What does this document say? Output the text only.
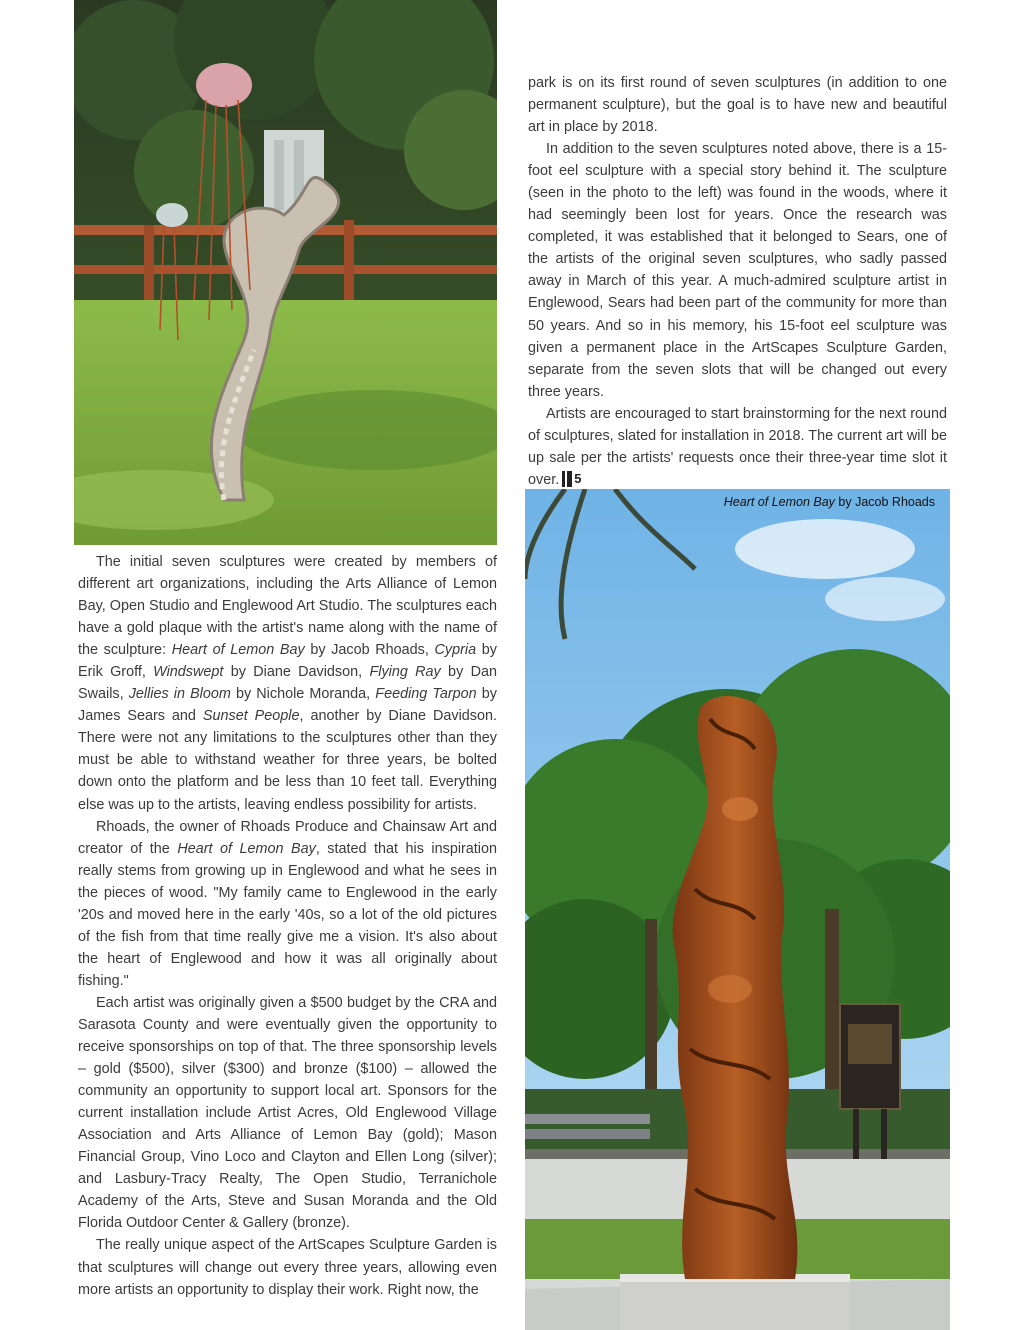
park is on its first round of seven sculptures (in addition to one permanent sculpture), but the goal is to have new and beautiful art in place by 2018.

In addition to the seven sculptures noted above, there is a 15-foot eel sculpture with a special story behind it. The sculpture (seen in the photo to the left) was found in the woods, where it had seemingly been lost for years. Once the research was completed, it was established that it belonged to Sears, one of the artists of the original seven sculptures, who sadly passed away in March of this year. A much-admired sculpture artist in Englewood, Sears had been part of the community for more than 50 years. And so in his memory, his 15-foot eel sculpture was given a permanent place in the ArtScapes Sculpture Garden, separate from the seven slots that will be changed out every three years.

Artists are encouraged to start brainstorming for the next round of sculptures, slated for installation in 2018. The current art will be up sale per the artists' requests once their three-year time slot it over. 5

Heart of Lemon Bay by Jacob Rhoads

The initial seven sculptures were created by members of different art organizations, including the Arts Alliance of Lemon Bay, Open Studio and Englewood Art Studio. The sculptures each have a gold plaque with the artist's name along with the name of the sculpture: Heart of Lemon Bay by Jacob Rhoads, Cypria by Erik Groff, Windswept by Diane Davidson, Flying Ray by Dan Swails, Jellies in Bloom by Nichole Moranda, Feeding Tarpon by James Sears and Sunset People, another by Diane Davidson. There were not any limitations to the sculptures other than they must be able to withstand weather for three years, be bolted down onto the platform and be less than 10 feet tall. Everything else was up to the artists, leaving endless possibility for artists.

Rhoads, the owner of Rhoads Produce and Chainsaw Art and creator of the Heart of Lemon Bay, stated that his inspiration really stems from growing up in Englewood and what he sees in the pieces of wood. "My family came to Englewood in the early '20s and moved here in the early '40s, so a lot of the old pictures of the fish from that time really give me a vision. It's also about the heart of Englewood and how it was all originally about fishing."

Each artist was originally given a $500 budget by the CRA and Sarasota County and were eventually given the opportunity to receive sponsorships on top of that. The three sponsorship levels – gold ($500), silver ($300) and bronze ($100) – allowed the community an opportunity to support local art. Sponsors for the current installation include Artist Acres, Old Englewood Village Association and Arts Alliance of Lemon Bay (gold); Mason Financial Group, Vino Loco and Clayton and Ellen Long (silver); and Lasbury-Tracy Realty, The Open Studio, Terranichole Academy of the Arts, Steve and Susan Moranda and the Old Florida Outdoor Center & Gallery (bronze).

The really unique aspect of the ArtScapes Sculpture Garden is that sculptures will change out every three years, allowing even more artists an opportunity to display their work. Right now, the
